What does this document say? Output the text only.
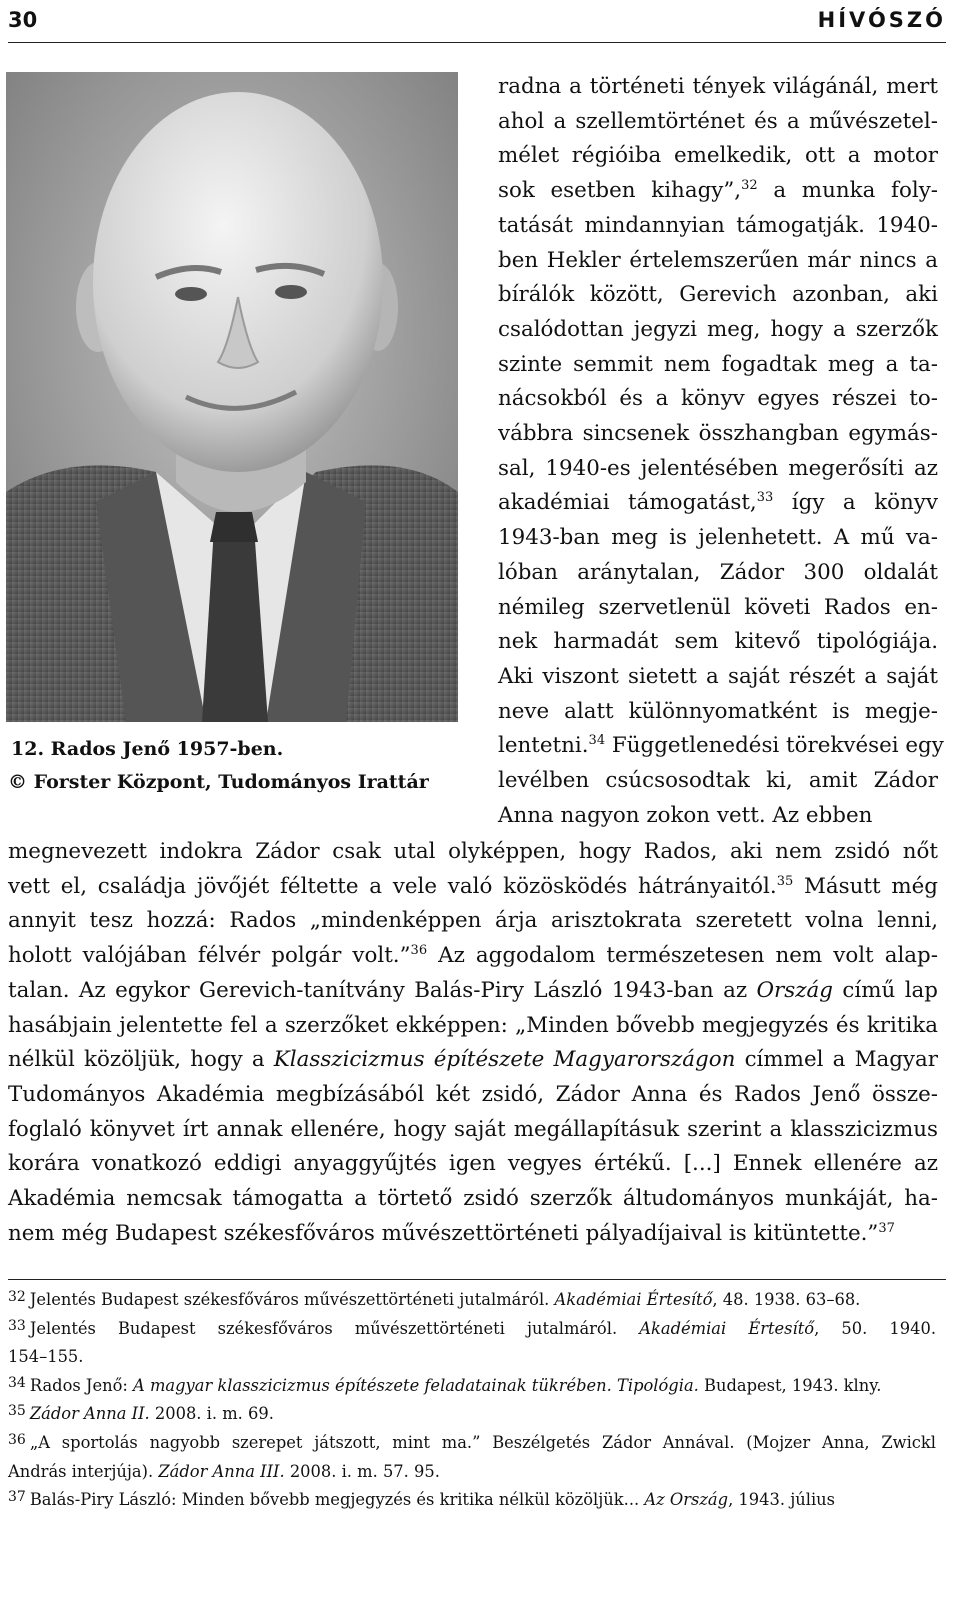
30	HÍVÓSZÓ
12. Rados Jenő 1957-ben.
© Forster Központ, Tudományos Irattár
radna a történeti tények világánál, mert
ahol a szellemtörténet és a művészetel-
mélet régióiba emelkedik, ott a motor
sok esetben kihagy”,$^{32}$ a munka foly-
tatását mindannyian támogatják. 1940-
ben Hekler értelemszerűen már nincs a
bírálók között, Gerevich azonban, aki
csalódottan jegyzi meg, hogy a szerzők
szinte semmit nem fogadtak meg a ta-
nácsokból és a könyv egyes részei to-
vábbra sincsenek összhangban egymás-
sal, 1940-es jelentésében megerősíti az
akadémiai támogatást,$^{33}$ így a könyv
1943-ban meg is jelenhetett. A mű va-
lóban aránytalan, Zádor 300 oldalát
némileg szervetlenül követi Rados en-
nek harmadát sem kitevő tipológiája.
Aki viszont sietett a saját részét a saját
neve alatt különnyomatként is megje-
lentetni.$^{34}$ Függetlenedési törekvései egy
levélben csúcsosodtak ki, amit Zádor
Anna nagyon zokon vett. Az ebben
megnevezett indokra Zádor csak utal olyképpen, hogy Rados, aki nem zsidó nőt
vett el, családja jövőjét féltette a vele való közösködés hátrányaitól.$^{35}$ Másutt még
annyit tesz hozzá: Rados „mindenképpen árja arisztokrata szeretett volna lenni,
holott valójában félvér polgár volt.”$^{36}$ Az aggodalom természetesen nem volt alap-
talan. Az egykor Gerevich-tanítvány Balás-Piry László 1943-ban az Ország című lap
hasábjain jelentette fel a szerzőket ekképpen: „Minden bővebb megjegyzés és kritika
nélkül közöljük, hogy a Klasszicizmus építészete Magyarországon címmel a Magyar
Tudományos Akadémia megbízásából két zsidó, Zádor Anna és Rados Jenő össze-
foglaló könyvet írt annak ellenére, hogy saját megállapításuk szerint a klasszicizmus
korára vonatkozó eddigi anyaggyűjtés igen vegyes értékű. [...] Ennek ellenére az
Akadémia nemcsak támogatta a törtető zsidó szerzők áltudományos munkáját, ha-
nem még Budapest székesfőváros művészettörténeti pályadíjaival is kitüntette.”$^{37}$
$^{32}$ Jelentés Budapest székesfőváros művészettörténeti jutalmáról. Akadémiai Értesítő, 48. 1938. 63–68.
$^{33}$ Jelentés Budapest székesfőváros művészettörténeti jutalmáról. Akadémiai Értesítő, 50. 1940.
154–155.
$^{34}$ Rados Jenő: A magyar klasszicizmus építészete feladatainak tükrében. Tipológia. Budapest, 1943. klny.
$^{35}$ Zádor Anna II. 2008. i. m. 69.
$^{36}$ „A sportolás nagyobb szerepet játszott, mint ma.” Beszélgetés Zádor Annával. (Mojzer Anna, Zwickl
András interjúja). Zádor Anna III. 2008. i. m. 57. 95.
$^{37}$ Balás-Piry László: Minden bővebb megjegyzés és kritika nélkül közöljük... Az Ország, 1943. július
